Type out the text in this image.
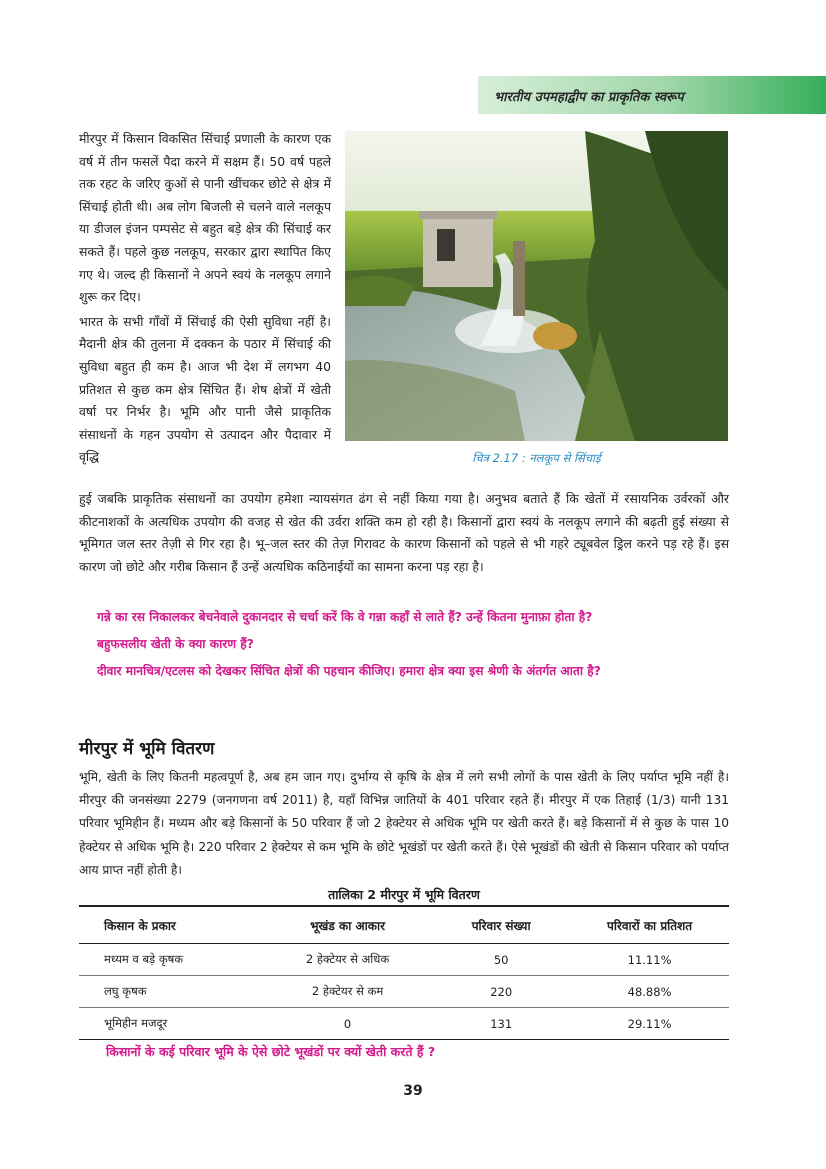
भारतीय उपमहाद्वीप का प्राकृतिक स्वरूप

मीरपुर में किसान विकसित सिंचाई प्रणाली के कारण एक वर्ष में तीन फसलें पैदा करने में सक्षम हैं। 50 वर्ष पहले तक रहट के जरिए कुओं से पानी खींचकर छोटे से क्षेत्र में सिंचाई होती थी। अब लोग बिजली से चलने वाले नलकूप या डीजल इंजन पम्पसेट से बहुत बड़े क्षेत्र की सिंचाई कर सकते हैं। पहले कुछ नलकूप, सरकार द्वारा स्थापित किए गए थे। जल्द ही किसानों ने अपने स्वयं के नलकूप लगाने शुरू कर दिए।

भारत के सभी गाँवों में सिंचाई की ऐसी सुविधा नहीं है। मैदानी क्षेत्र की तुलना में दक्कन के पठार में सिंचाई की सुविधा बहुत ही कम है। आज भी देश में लगभग 40 प्रतिशत से कुछ कम क्षेत्र सिंचित हैं। शेष क्षेत्रों में खेती वर्षा पर निर्भर है। भूमि और पानी जैसे प्राकृतिक संसाधनों के गहन उपयोग से उत्पादन और पैदावार में वृद्धि	चित्र 2.17 : नलकूप से सिंचाई
हुई जबकि प्राकृतिक संसाधनों का उपयोग हमेशा न्यायसंगत ढंग से नहीं किया गया है। अनुभव बताते हैं कि खेतों में रसायनिक उर्वरकों और कीटनाशकों के अत्यधिक उपयोग की वजह से खेत की उर्वरा शक्ति कम हो रही है। किसानों द्वारा स्वयं के नलकूप लगाने की बढ़ती हुई संख्या से भूमिगत जल स्तर तेज़ी से गिर रहा है। भू–जल स्तर की तेज़ गिरावट के कारण किसानों को पहले से भी गहरे ट्यूबवेल ड्रिल करने पड़ रहे हैं। इस कारण जो छोटे और गरीब किसान हैं उन्हें अत्यधिक कठिनाईयों का सामना करना पड़ रहा है।

गन्ने का रस निकालकर बेचनेवाले दुकानदार से चर्चा करें कि वे गन्ना कहाँ से लाते हैं? उन्हें कितना मुनाफ़ा होता है?

बहुफसलीय खेती के क्या कारण हैं?

दीवार मानचित्र/एटलस को देखकर सिंचित क्षेत्रों की पहचान कीजिए। हमारा क्षेत्र क्या इस श्रेणी के अंतर्गत आता है?

मीरपुर में भूमि वितरण
भूमि, खेती के लिए कितनी महत्वपूर्ण है, अब हम जान गए। दुर्भाग्य से कृषि के क्षेत्र में लगे सभी लोगों के पास खेती के लिए पर्याप्त भूमि नहीं है। मीरपुर की जनसंख्या 2279 (जनगणना वर्ष 2011) है, यहाँ विभिन्न जातियों के 401 परिवार रहते हैं। मीरपुर में एक तिहाई (1/3) यानी 131 परिवार भूमिहीन हैं। मध्यम और बड़े किसानों के 50 परिवार हैं जो 2 हेक्टेयर से अधिक भूमि पर खेती करते हैं। बड़े किसानों में से कुछ के पास 10 हेक्टेयर से अधिक भूमि है। 220 परिवार 2 हेक्टेयर से कम भूमि के छोटे भूखंडों पर खेती करते हैं। ऐसे भूखंडों की खेती से किसान परिवार को पर्याप्त आय प्राप्त नहीं होती है।
तालिका 2 मीरपुर में भूमि वितरण
किसान के प्रकार	भूखंड का आकार	परिवार संख्या	परिवारों का प्रतिशत
मध्यम व बड़े कृषक	2 हेक्टेयर से अधिक	50	11.11%
लघु कृषक	2 हेक्टेयर से कम	220	48.88%
भूमिहीन मजदूर	0	131	29.11%
किसानों के कई परिवार भूमि के ऐसे छोटे भूखंडों पर क्यों खेती करते हैं ?
39
